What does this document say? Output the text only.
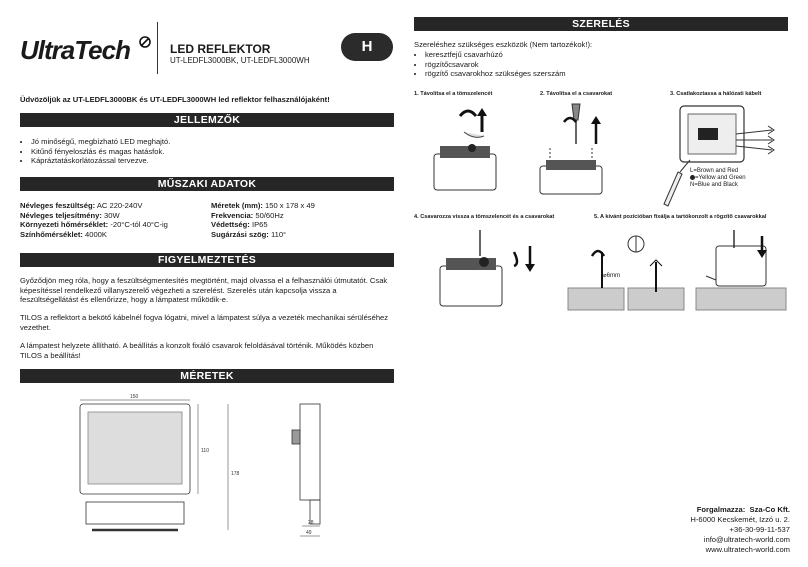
UltraTech	LED REFLEKTOR
UT-LEDFL3000BK, UT-LEDFL3000WH
H
Üdvözöljük az UT-LEDFL3000BK és UT-LEDFL3000WH led reflektor felhasználójaként!
JELLEMZŐK
• Jó minőségű, megbízható LED meghajtó.
• Kitűnő fényeloszlás és magas hatásfok.
• Kápráztatáskorlátozással tervezve.
MŰSZAKI ADATOK
Névleges feszültség: AC 220-240V
Névleges teljesítmény: 30W
Környezeti hőmérséklet: -20°C-tól 40°C-ig
Színhőmérséklet: 4000K
Méretek (mm): 150 x 178 x 49
Frekvencia: 50/60Hz
Védettség: IP65
Sugárzási szög: 110°
FIGYELMEZTETÉS
Győződjön meg róla, hogy a feszültségmentesítés megtörtént, majd olvassa el a felhasználói útmutatót. Csak képesítéssel rendelkező villanyszerelő végezheti a szerelést. Szerelés után kapcsolja vissza a feszültségellátást és ellenőrizze, hogy a lámpatest működik-e.
TILOS a reflektort a bekötő kábelnél fogva lógatni, mivel a lámpatest súlya a vezeték mechanikai sérüléséhez vezethet.
A lámpatest helyzete állítható. A beállítás a konzolt fixáló csavarok feloldásával történik. Működés közben TILOS a beállítás!
MÉRETEK
150
110
178
28
49
SZERELÉS
Szereléshez szükséges eszközök (Nem tartozékok!):
• keresztfejű csavarhúzó
• rögzítőcsavarok
• rögzítő csavarokhoz szükséges szerszám
1. Távolítsa el a tömszelencét	2. Távolítsa el a csavarokat	3. Csatlakoztassa a hálózati kábelt
4. Csavarozza vissza a tömszelencét és a csavarokat	5. A kívánt pozícióban fixálja a tartókonzolt a rögzítő csavarokkal
L=Brown and Red
=Yellow and Green
N=Blue and Black
⌀6mm
Forgalmazza: Sza-Co Kft.
H-6000 Kecskemét, Izzó u. 2.
+36-30-99-11-537
info@ultratech-world.com
www.ultratech-world.com
